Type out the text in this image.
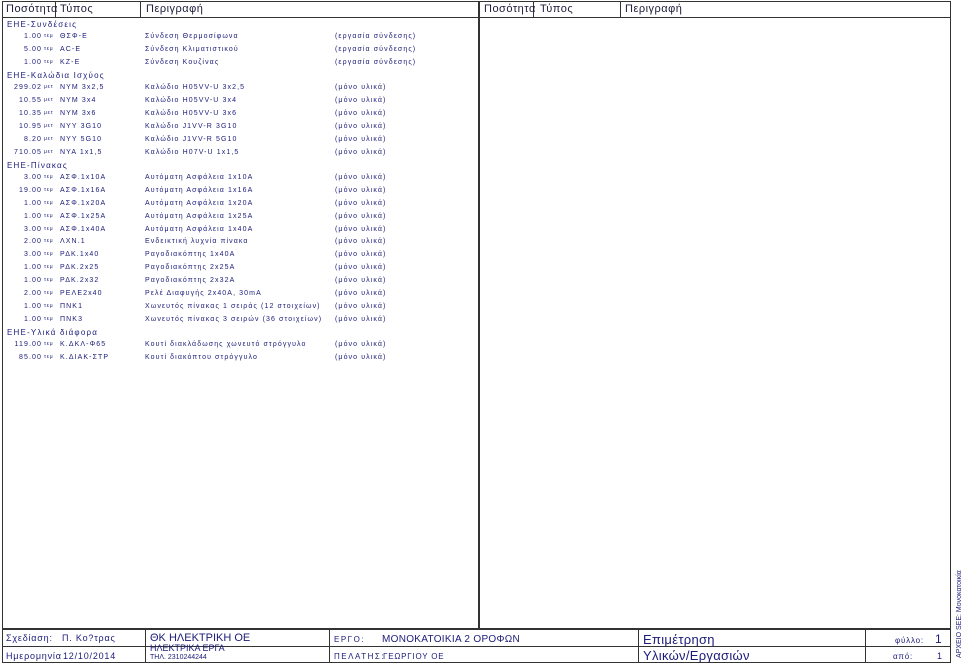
Ποσότητα Τύπος	Περιγραφή	Ποσότητα Τύπος	Περιγραφή
ΕΗΕ-Συνδέσεις
1.00 τεμ ΘΣΦ-Ε	Σύνδεση Θερμοσίφωνα	(εργασία σύνδεσης)
5.00 τεμ AC-E	Σύνδεση Κλιματιστικού	(εργασία σύνδεσης)
1.00 τεμ ΚΖ-Ε	Σύνδεση Κουζίνας	(εργασία σύνδεσης)
ΕΗΕ-Καλώδια Ισχύος
299.02 μετ NYM 3x2,5	Καλώδιο H05VV-U 3x2,5	(μόνο υλικά)
10.55 μετ NYM 3x4	Καλώδιο H05VV-U 3x4	(μόνο υλικά)
10.35 μετ NYM 3x6	Καλώδιο H05VV-U 3x6	(μόνο υλικά)
10.95 μετ NYY 3G10	Καλώδιο J1VV-R 3G10	(μόνο υλικά)
8.20 μετ NYY 5G10	Καλώδιο J1VV-R 5G10	(μόνο υλικά)
710.05 μετ NYA 1x1,5	Καλώδιο H07V-U 1x1,5	(μόνο υλικά)
ΕΗΕ-Πίνακας
3.00 τεμ ΑΣΦ.1x10A	Αυτόματη Ασφάλεια 1x10A	(μόνο υλικά)
19.00 τεμ ΑΣΦ.1x16A	Αυτόματη Ασφάλεια 1x16A	(μόνο υλικά)
1.00 τεμ ΑΣΦ.1x20A	Αυτόματη Ασφάλεια 1x20A	(μόνο υλικά)
1.00 τεμ ΑΣΦ.1x25A	Αυτόματη Ασφάλεια 1x25A	(μόνο υλικά)
3.00 τεμ ΑΣΦ.1x40A	Αυτόματη Ασφάλεια 1x40A	(μόνο υλικά)
2.00 τεμ ΛΧΝ.1	Ενδεικτική λυχνία πίνακα	(μόνο υλικά)
3.00 τεμ ΡΔΚ.1x40	Ραγοδιακόπτης 1x40A	(μόνο υλικά)
1.00 τεμ ΡΔΚ.2x25	Ραγοδιακόπτης 2x25A	(μόνο υλικά)
1.00 τεμ ΡΔΚ.2x32	Ραγοδιακόπτης 2x32A	(μόνο υλικά)
2.00 τεμ ΡΕΛΕ2x40	Ρελέ Διαφυγής 2x40A, 30mA	(μόνο υλικά)
1.00 τεμ ΠΝΚ1	Χωνευτός πίνακας 1 σειράς (12 στοιχείων) (μόνο υλικά)
1.00 τεμ ΠΝΚ3	Χωνευτός πίνακας 3 σειρών (36 στοιχείων) (μόνο υλικά)
ΕΗΕ-Υλικά διάφορα
119.00 τεμ Κ.ΔΚΛ-Φ65	Κουτί διακλάδωσης χωνευτό στρόγγυλο	(μόνο υλικά)
85.00 τεμ Κ.ΔΙΑΚ-ΣΤΡ	Κουτί διακόπτου στρόγγυλο	(μόνο υλικά)
Σχεδίαση: Π. Κο?τρας
Ημερομηνία 12/10/2014
ΘΚ ΗΛΕΚΤΡΙΚΗ ΟΕ
ΗΛΕΚΤΡΙΚΑ ΕΡΓΑ
ΤΗΛ. 2310244244
ΕΡΓΟ: ΜΟΝΟΚΑΤΟΙΚΙΑ 2 ΟΡΟΦΩΝ
ΠΕΛΑΤΗΣ:
ΓΕΩΡΓΙΟΥ ΟΕ
Επιμέτρηση
Υλικών/Εργασιών
φύλλο: 1
από:	1 ΑΡΧΕΙΟ SEE: Μονοκατοικία
